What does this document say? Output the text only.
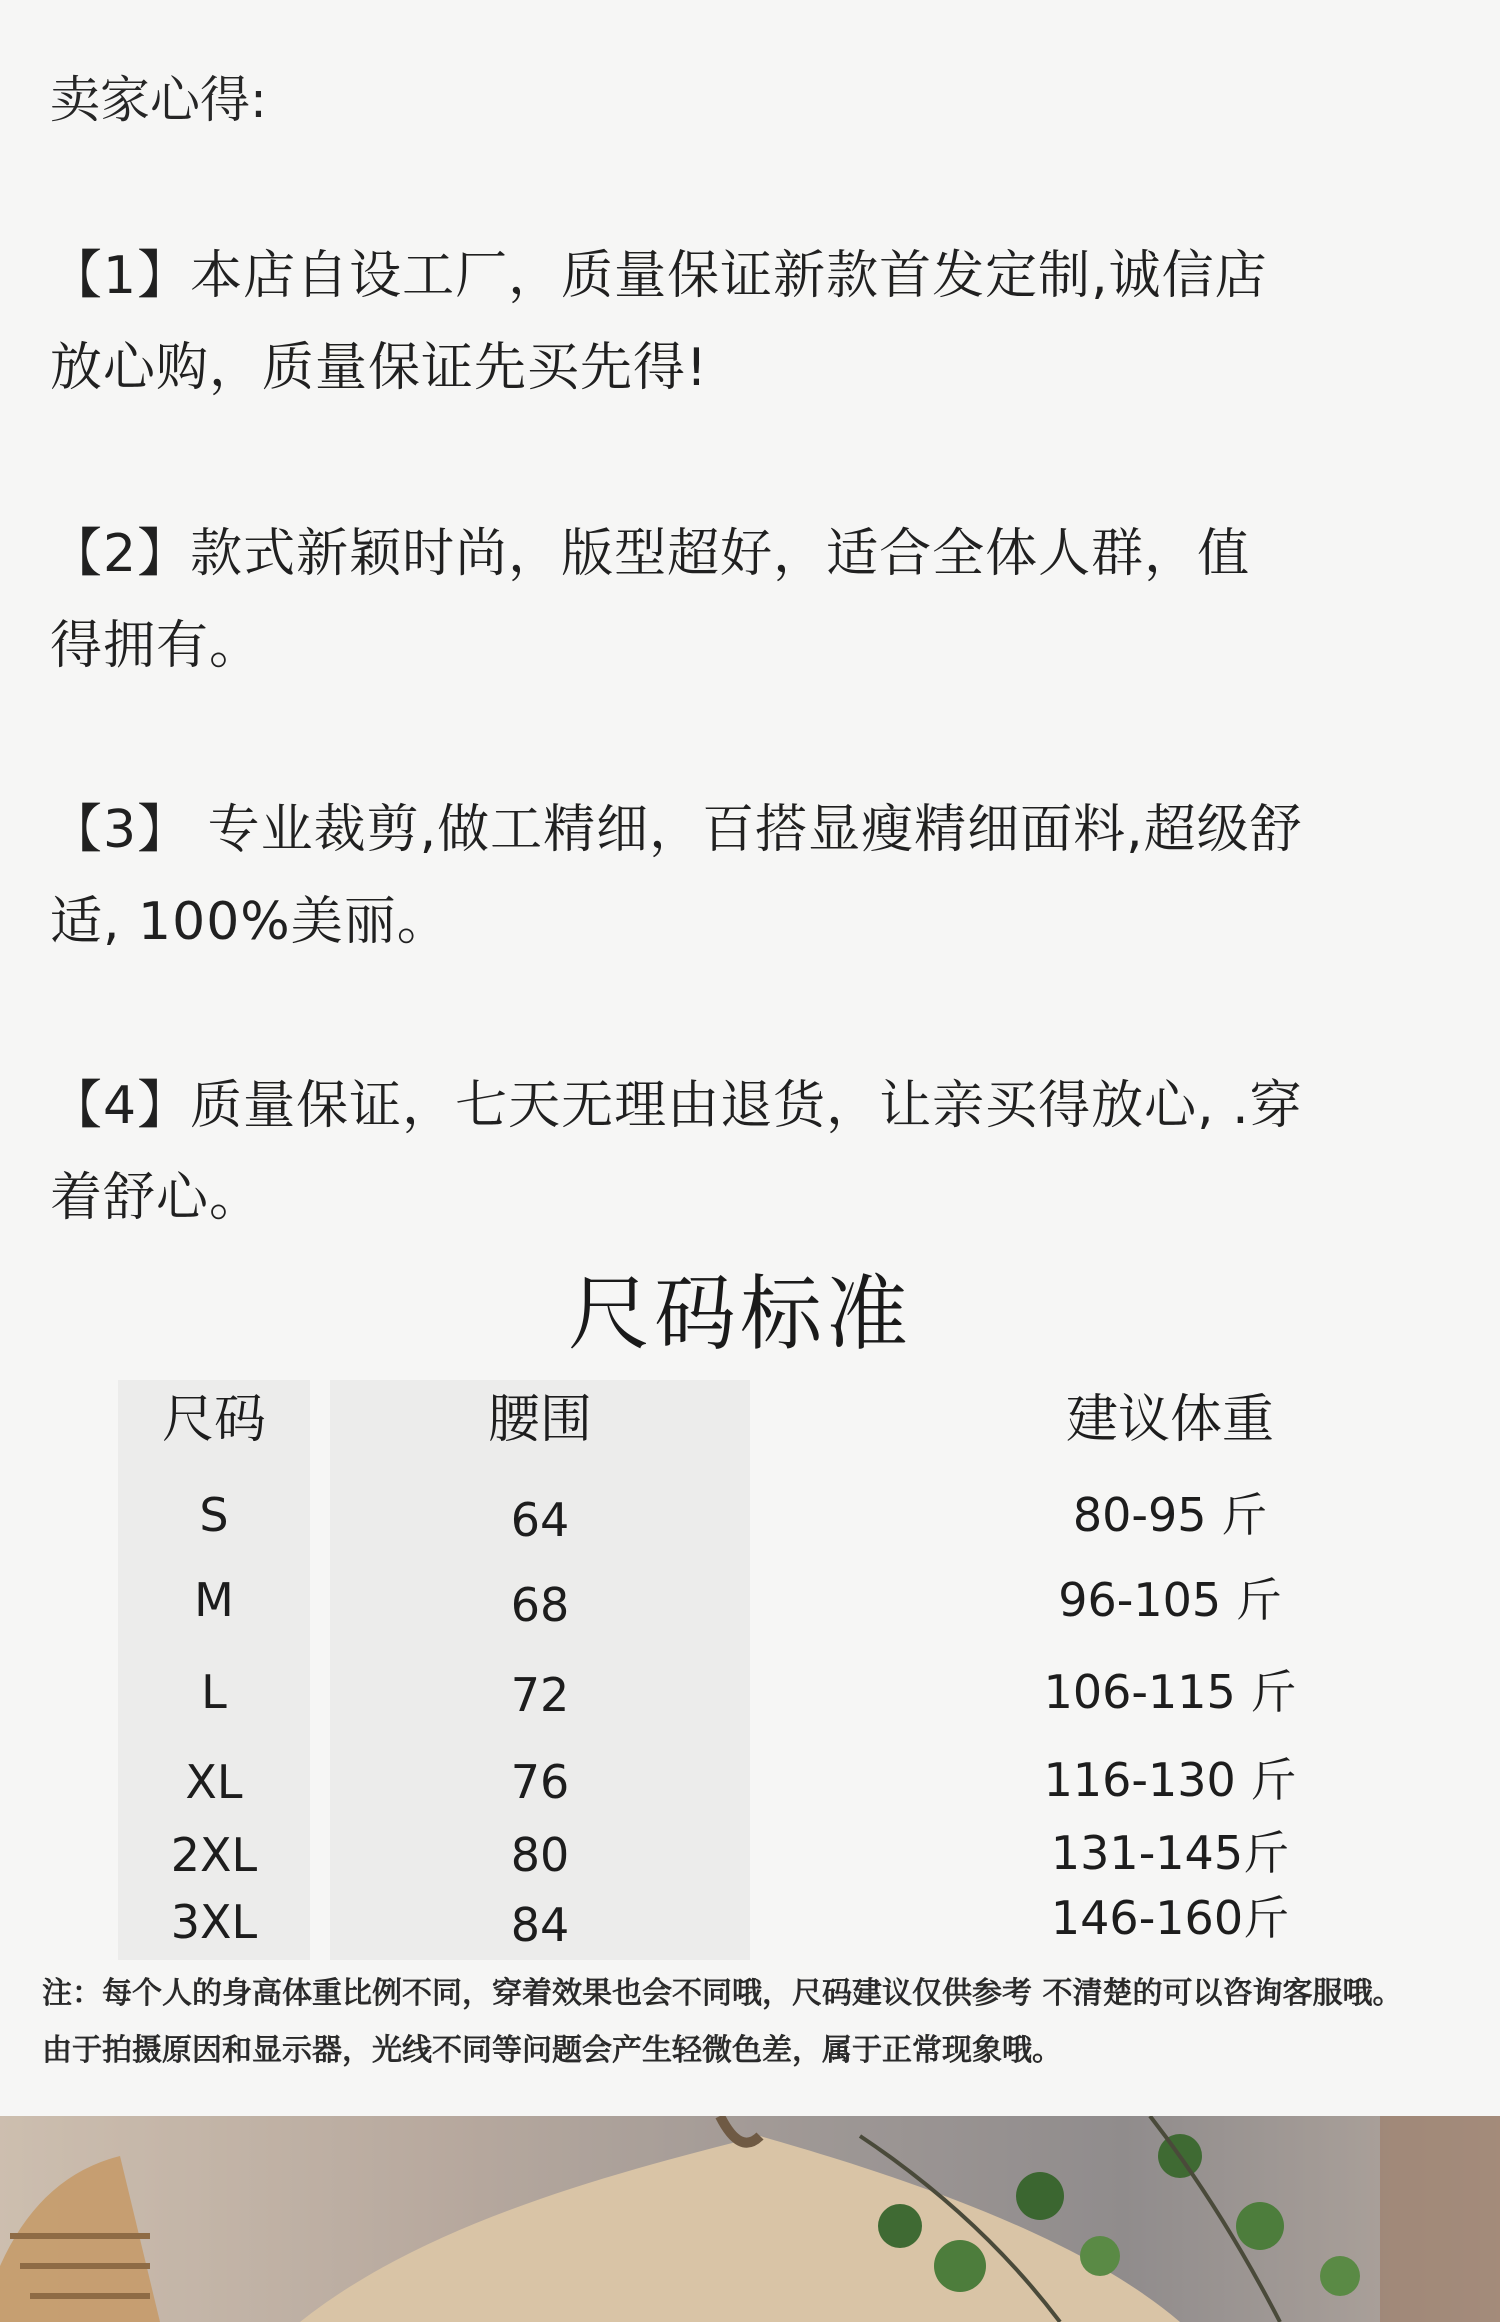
卖家心得:
【1】本店自设工厂，质量保证新款首发定制,诚信店
放心购，质量保证先买先得!
【2】款式新颖时尚，版型超好，适合全体人群，值
得拥有。
【3】 专业裁剪,做工精细，百搭显瘦精细面料,超级舒
适, 100%美丽。
【4】质量保证，七天无理由退货，让亲买得放心, .穿
着舒心。
尺码标准
尺码	腰围	建议体重
S	64	80-95 斤
M	68	96-105 斤
L	72	106-115 斤
XL	76	116-130 斤
2XL	80	131-145斤
3XL	84	146-160斤
注：每个人的身高体重比例不同，穿着效果也会不同哦，尺码建议仅供参考 不清楚的可以咨询客服哦。
由于拍摄原因和显示器，光线不同等问题会产生轻微色差，属于正常现象哦。
